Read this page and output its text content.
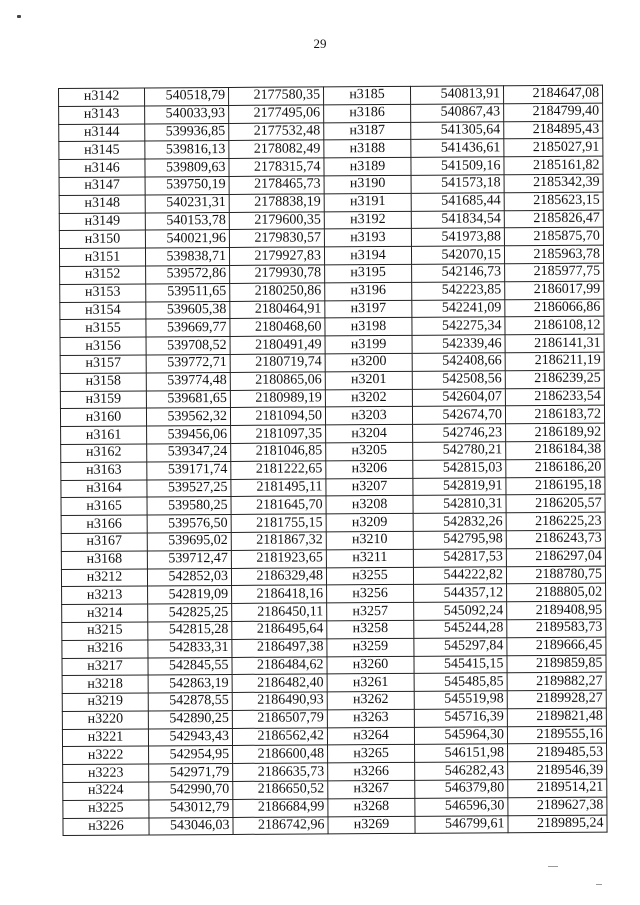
29
н3142	540518,79	2177580,35	н3185	540813,91	2184647,08
н3143	540033,93	2177495,06	н3186	540867,43	2184799,40
н3144	539936,85	2177532,48	н3187	541305,64	2184895,43
н3145	539816,13	2178082,49	н3188	541436,61	2185027,91
н3146	539809,63	2178315,74	н3189	541509,16	2185161,82
н3147	539750,19	2178465,73	н3190	541573,18	2185342,39
н3148	540231,31	2178838,19	н3191	541685,44	2185623,15
н3149	540153,78	2179600,35	н3192	541834,54	2185826,47
н3150	540021,96	2179830,57	н3193	541973,88	2185875,70
н3151	539838,71	2179927,83	н3194	542070,15	2185963,78
н3152	539572,86	2179930,78	н3195	542146,73	2185977,75
н3153	539511,65	2180250,86	н3196	542223,85	2186017,99
н3154	539605,38	2180464,91	н3197	542241,09	2186066,86
н3155	539669,77	2180468,60	н3198	542275,34	2186108,12
н3156	539708,52	2180491,49	н3199	542339,46	2186141,31
н3157	539772,71	2180719,74	н3200	542408,66	2186211,19
н3158	539774,48	2180865,06	н3201	542508,56	2186239,25
н3159	539681,65	2180989,19	н3202	542604,07	2186233,54
н3160	539562,32	2181094,50	н3203	542674,70	2186183,72
н3161	539456,06	2181097,35	н3204	542746,23	2186189,92
н3162	539347,24	2181046,85	н3205	542780,21	2186184,38
н3163	539171,74	2181222,65	н3206	542815,03	2186186,20
н3164	539527,25	2181495,11	н3207	542819,91	2186195,18
н3165	539580,25	2181645,70	н3208	542810,31	2186205,57
н3166	539576,50	2181755,15	н3209	542832,26	2186225,23
н3167	539695,02	2181867,32	н3210	542795,98	2186243,73
н3168	539712,47	2181923,65	н3211	542817,53	2186297,04
н3212	542852,03	2186329,48	н3255	544222,82	2188780,75
н3213	542819,09	2186418,16	н3256	544357,12	2188805,02
н3214	542825,25	2186450,11	н3257	545092,24	2189408,95
н3215	542815,28	2186495,64	н3258	545244,28	2189583,73
н3216	542833,31	2186497,38	н3259	545297,84	2189666,45
н3217	542845,55	2186484,62	н3260	545415,15	2189859,85
н3218	542863,19	2186482,40	н3261	545485,85	2189882,27
н3219	542878,55	2186490,93	н3262	545519,98	2189928,27
н3220	542890,25	2186507,79	н3263	545716,39	2189821,48
н3221	542943,43	2186562,42	н3264	545964,30	2189555,16
н3222	542954,95	2186600,48	н3265	546151,98	2189485,53
н3223	542971,79	2186635,73	н3266	546282,43	2189546,39
н3224	542990,70	2186650,52	н3267	546379,80	2189514,21
н3225	543012,79	2186684,99	н3268	546596,30	2189627,38
н3226	543046,03	2186742,96	н3269	546799,61	2189895,24
